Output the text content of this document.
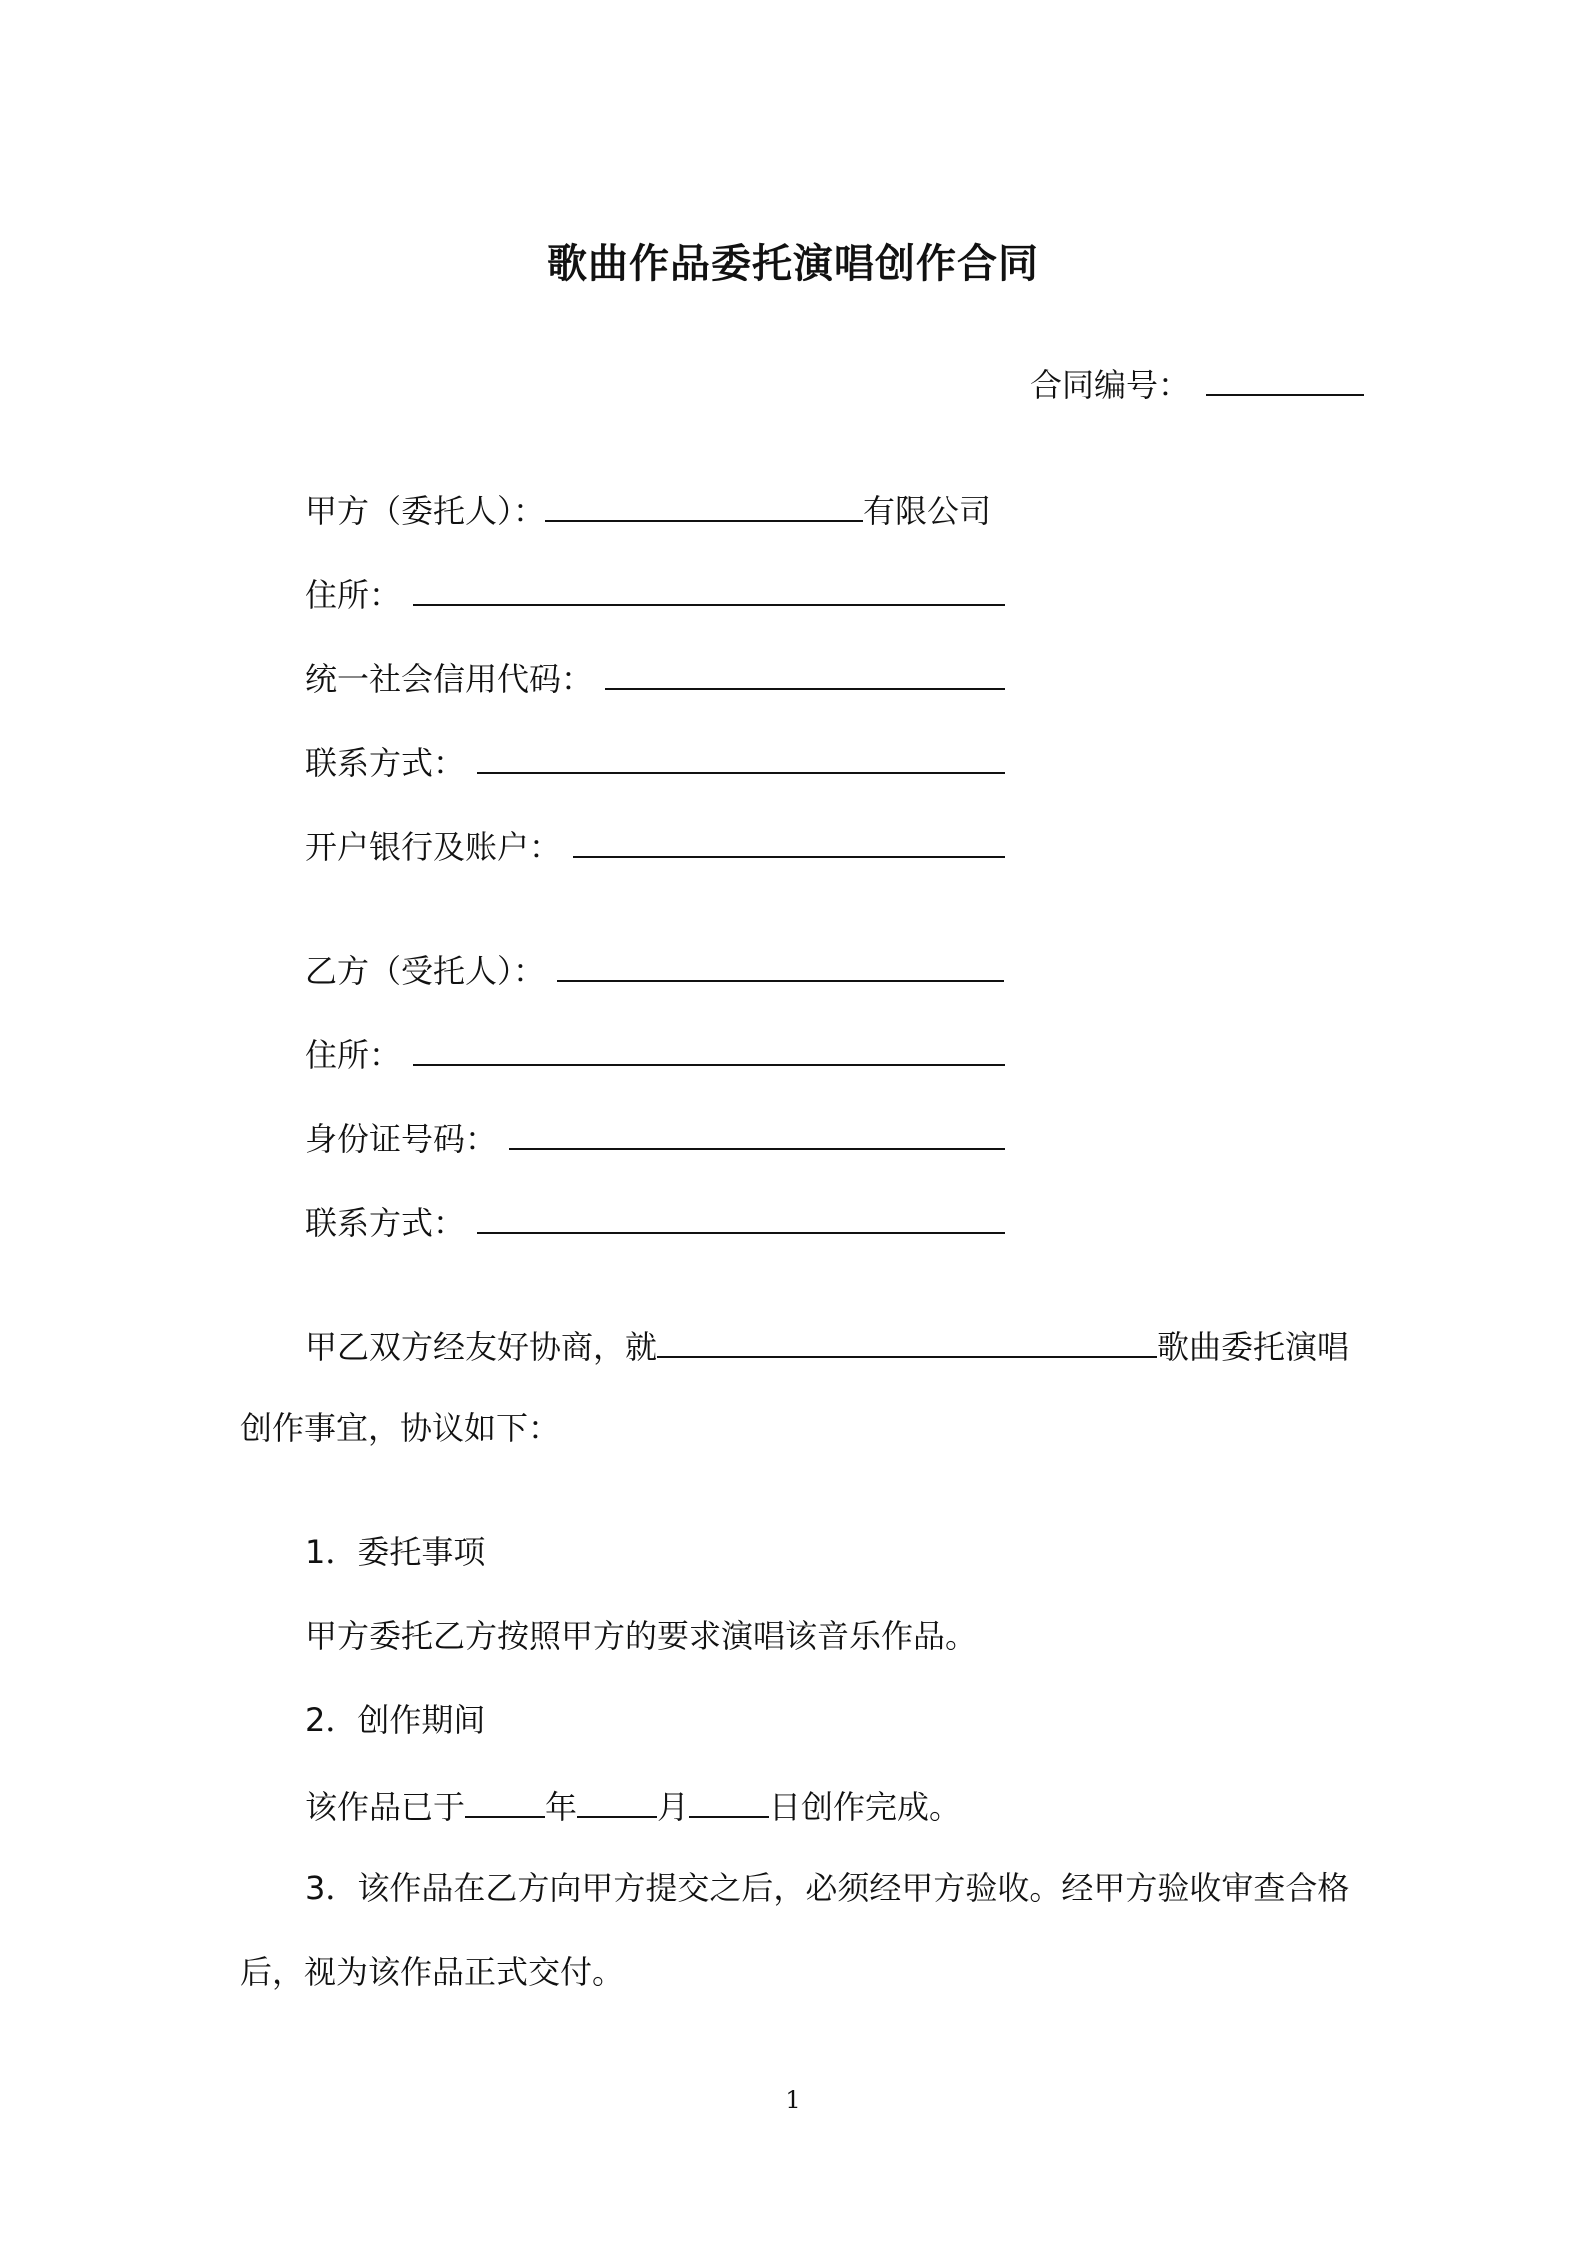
歌曲作品委托演唱创作合同
合同编号：
甲方（委托人）：	有限公司
住所：
统一社会信用代码：
联系方式：
开户银行及账户：
乙方（受托人）：
住所：
身份证号码：
联系方式：
甲乙双方经友好协商，就	歌曲委托演唱
创作事宜，协议如下：
1．委托事项
甲方委托乙方按照甲方的要求演唱该音乐作品。
2．创作期间
该作品已于	年	月	日创作完成。
3．该作品在乙方向甲方提交之后，必须经甲方验收。经甲方验收审查合格
后，视为该作品正式交付。
1
